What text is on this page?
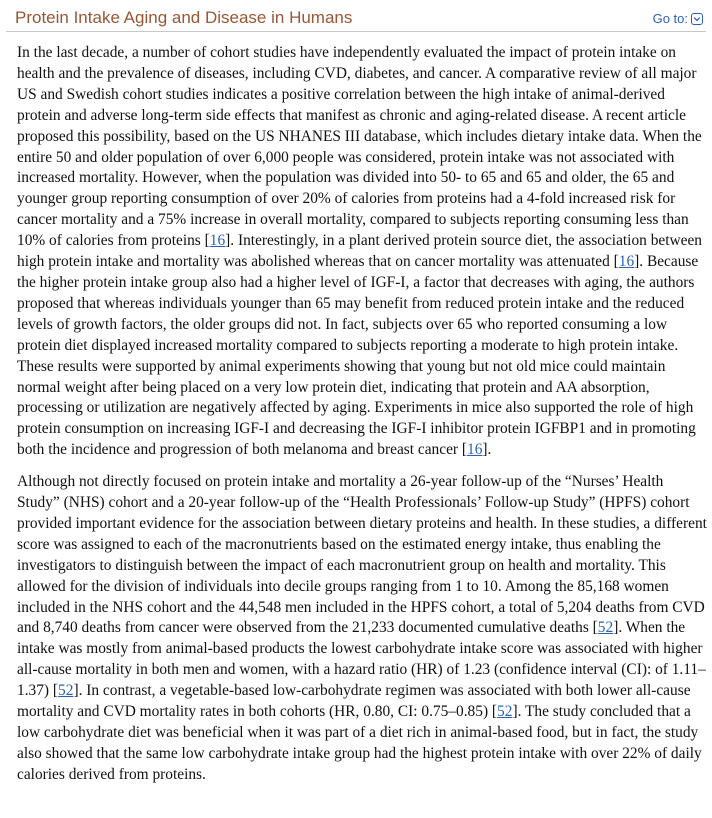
Protein Intake Aging and Disease in Humans	Go to:

In the last decade, a number of cohort studies have independently evaluated the impact of protein intake on health and the prevalence of diseases, including CVD, diabetes, and cancer. A comparative review of all major US and Swedish cohort studies indicates a positive correlation between the high intake of animal-derived protein and adverse long-term side effects that manifest as chronic and aging-related disease. A recent article proposed this possibility, based on the US NHANES III database, which includes dietary intake data. When the entire 50 and older population of over 6,000 people was considered, protein intake was not associated with increased mortality. However, when the population was divided into 50- to 65 and 65 and older, the 65 and younger group reporting consumption of over 20% of calories from proteins had a 4-fold increased risk for cancer mortality and a 75% increase in overall mortality, compared to subjects reporting consuming less than 10% of calories from proteins [16]. Interestingly, in a plant derived protein source diet, the association between high protein intake and mortality was abolished whereas that on cancer mortality was attenuated [16]. Because the higher protein intake group also had a higher level of IGF-I, a factor that decreases with aging, the authors proposed that whereas individuals younger than 65 may benefit from reduced protein intake and the reduced levels of growth factors, the older groups did not. In fact, subjects over 65 who reported consuming a low protein diet displayed increased mortality compared to subjects reporting a moderate to high protein intake. These results were supported by animal experiments showing that young but not old mice could maintain normal weight after being placed on a very low protein diet, indicating that protein and AA absorption, processing or utilization are negatively affected by aging. Experiments in mice also supported the role of high protein consumption on increasing IGF-I and decreasing the IGF-I inhibitor protein IGFBP1 and in promoting both the incidence and progression of both melanoma and breast cancer [16].

Although not directly focused on protein intake and mortality a 26-year follow-up of the “Nurses’ Health Study” (NHS) cohort and a 20-year follow-up of the “Health Professionals’ Follow-up Study” (HPFS) cohort provided important evidence for the association between dietary proteins and health. In these studies, a different score was assigned to each of the macronutrients based on the estimated energy intake, thus enabling the investigators to distinguish between the impact of each macronutrient group on health and mortality. This allowed for the division of individuals into decile groups ranging from 1 to 10. Among the 85,168 women included in the NHS cohort and the 44,548 men included in the HPFS cohort, a total of 5,204 deaths from CVD and 8,740 deaths from cancer were observed from the 21,233 documented cumulative deaths [52]. When the intake was mostly from animal-based products the lowest carbohydrate intake score was associated with higher all-cause mortality in both men and women, with a hazard ratio (HR) of 1.23 (confidence interval (CI): of 1.11–1.37) [52]. In contrast, a vegetable-based low-carbohydrate regimen was associated with both lower all-cause mortality and CVD mortality rates in both cohorts (HR, 0.80, CI: 0.75–0.85) [52]. The study concluded that a low carbohydrate diet was beneficial when it was part of a diet rich in animal-based food, but in fact, the study also showed that the same low carbohydrate intake group had the highest protein intake with over 22% of daily calories derived from proteins.
